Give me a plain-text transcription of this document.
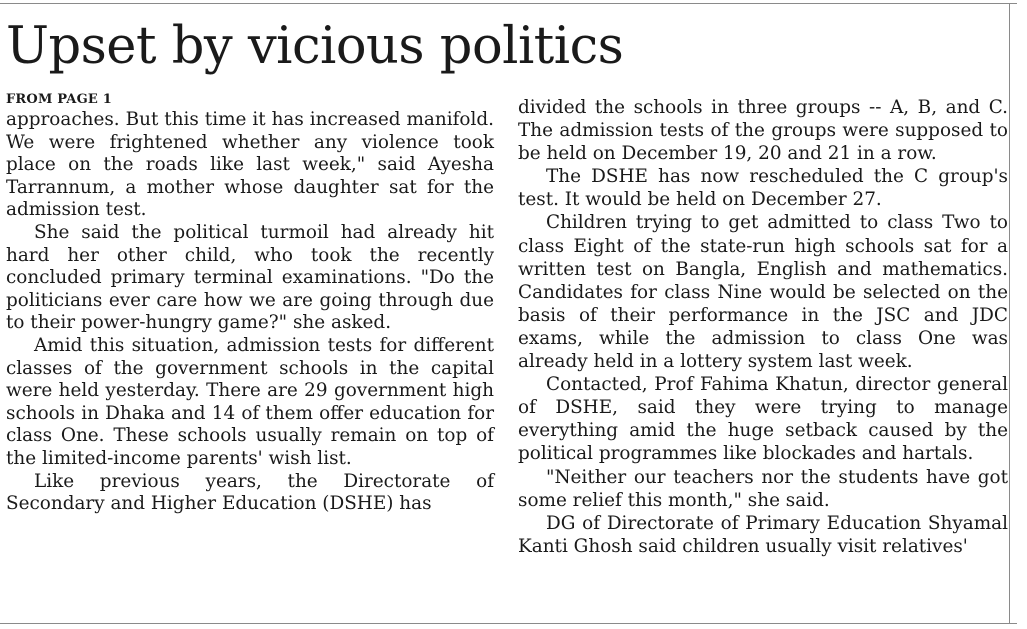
Upset by vicious politics
FROM PAGE 1

approaches. But this time it has increased manifold. We were frightened whether any violence took place on the roads like last week," said Ayesha Tarrannum, a mother whose daughter sat for the admission test.

She said the political turmoil had already hit hard her other child, who took the recently concluded primary terminal examinations. "Do the politicians ever care how we are going through due to their power-hungry game?" she asked.

Amid this situation, admission tests for different classes of the government schools in the capital were held yesterday. There are 29 government high schools in Dhaka and 14 of them offer education for class One. These schools usually remain on top of the limited-income parents' wish list.

Like previous years, the Directorate of Secondary and Higher Education (DSHE) has

divided the schools in three groups -- A, B, and C. The admission tests of the groups were supposed to be held on December 19, 20 and 21 in a row.

The DSHE has now rescheduled the C group's test. It would be held on December 27.

Children trying to get admitted to class Two to class Eight of the state-run high schools sat for a written test on Bangla, English and mathematics. Candidates for class Nine would be selected on the basis of their performance in the JSC and JDC exams, while the admission to class One was already held in a lottery system last week.

Contacted, Prof Fahima Khatun, director general of DSHE, said they were trying to manage everything amid the huge setback caused by the political programmes like blockades and hartals.

"Neither our teachers nor the students have got some relief this month," she said.

DG of Directorate of Primary Education Shyamal Kanti Ghosh said children usually visit relatives'
